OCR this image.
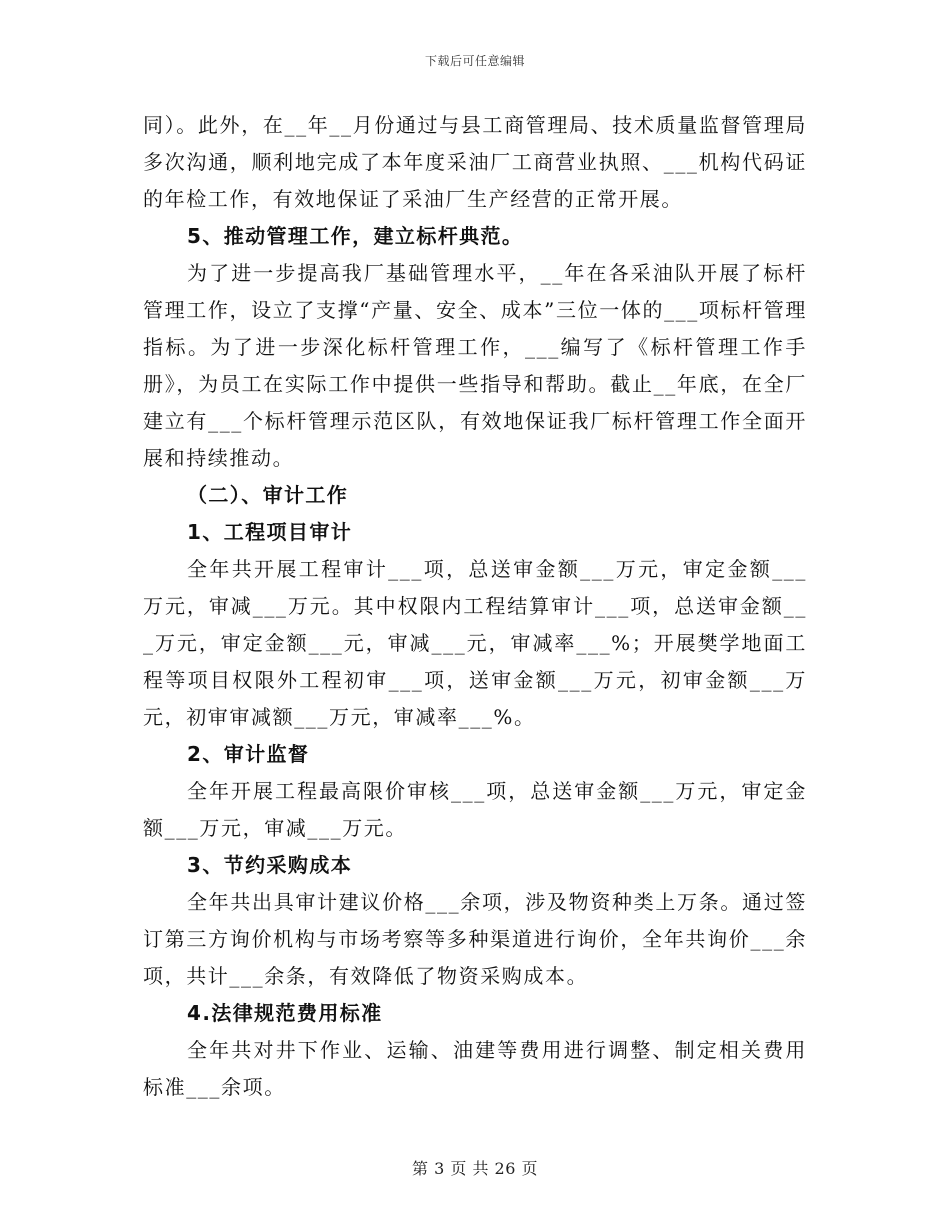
下载后可任意编辑

同）。此外，在__年__月份通过与县工商管理局、技术质量监督管理局多次沟通，顺利地完成了本年度采油厂工商营业执照、___机构代码证的年检工作，有效地保证了采油厂生产经营的正常开展。

5、推动管理工作，建立标杆典范。

为了进一步提高我厂基础管理水平，__年在各采油队开展了标杆管理工作，设立了支撑“产量、安全、成本”三位一体的___项标杆管理指标。为了进一步深化标杆管理工作，___编写了《标杆管理工作手册》，为员工在实际工作中提供一些指导和帮助。截止__年底，在全厂建立有___个标杆管理示范区队，有效地保证我厂标杆管理工作全面开展和持续推动。

（二）、审计工作

1、工程项目审计

全年共开展工程审计___项，总送审金额___万元，审定金额___万元，审减___万元。其中权限内工程结算审计___项，总送审金额___万元，审定金额___元，审减___元，审减率___%；开展樊学地面工程等项目权限外工程初审___项，送审金额___万元，初审金额___万元，初审审减额___万元，审减率___%。

2、审计监督

全年开展工程最高限价审核___项，总送审金额___万元，审定金额___万元，审减___万元。

3、节约采购成本

全年共出具审计建议价格___余项，涉及物资种类上万条。通过签订第三方询价机构与市场考察等多种渠道进行询价，全年共询价___余项，共计___余条，有效降低了物资采购成本。

4.法律规范费用标准

全年共对井下作业、运输、油建等费用进行调整、制定相关费用标准___余项。

第 3 页 共 26 页
